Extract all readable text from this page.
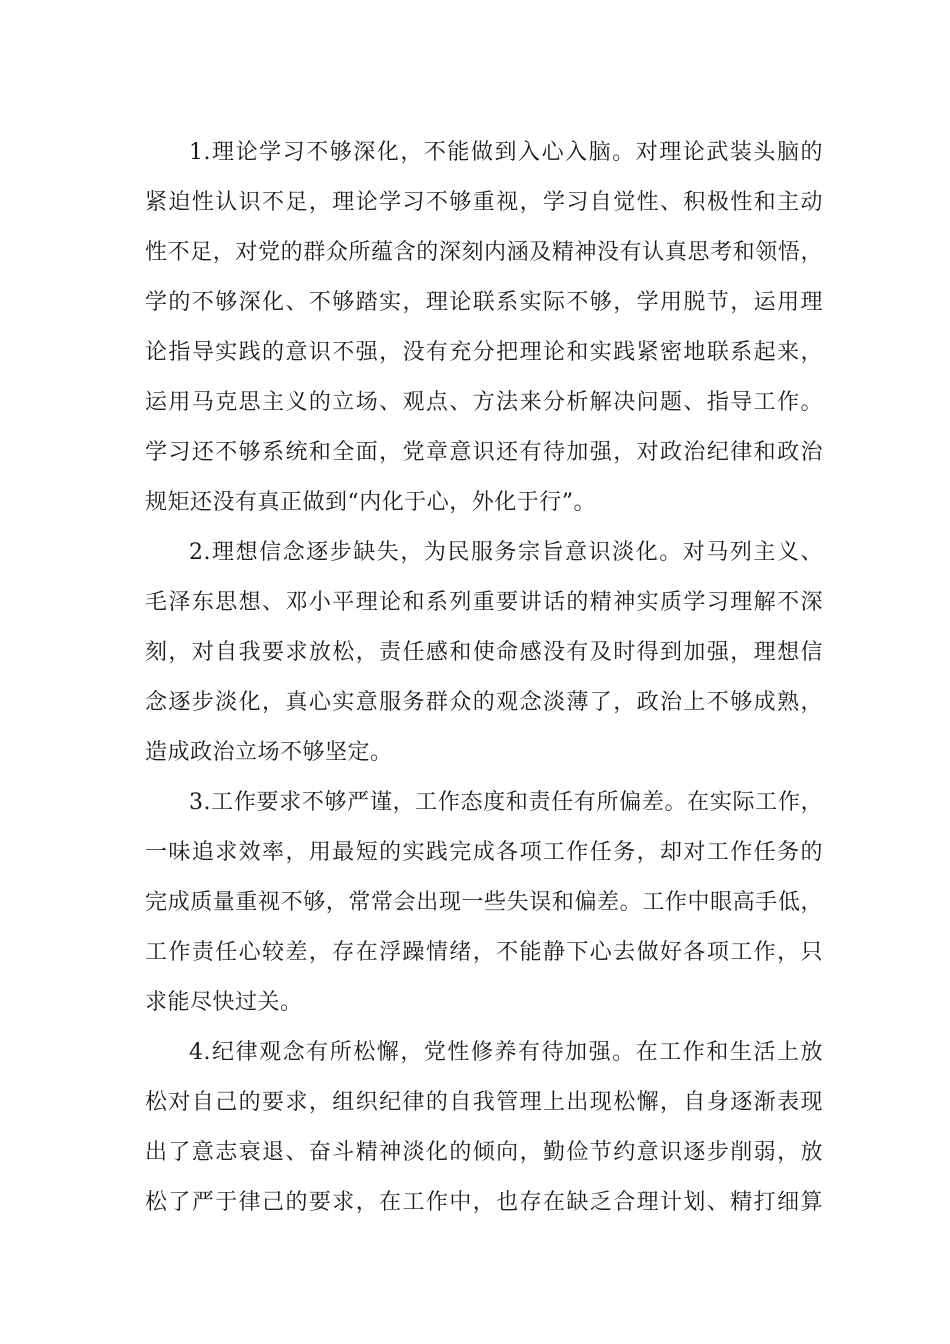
1.理论学习不够深化，不能做到入心入脑。对理论武装头脑的
紧迫性认识不足，理论学习不够重视，学习自觉性、积极性和主动
性不足，对党的群众所蕴含的深刻内涵及精神没有认真思考和领悟，
学的不够深化、不够踏实，理论联系实际不够，学用脱节，运用理
论指导实践的意识不强，没有充分把理论和实践紧密地联系起来，
运用马克思主义的立场、观点、方法来分析解决问题、指导工作。
学习还不够系统和全面，党章意识还有待加强，对政治纪律和政治
规矩还没有真正做到“内化于心，外化于行”。
2.理想信念逐步缺失，为民服务宗旨意识淡化。对马列主义、
毛泽东思想、邓小平理论和系列重要讲话的精神实质学习理解不深
刻，对自我要求放松，责任感和使命感没有及时得到加强，理想信
念逐步淡化，真心实意服务群众的观念淡薄了，政治上不够成熟，
造成政治立场不够坚定。
3.工作要求不够严谨，工作态度和责任有所偏差。在实际工作，
一味追求效率，用最短的实践完成各项工作任务，却对工作任务的
完成质量重视不够，常常会出现一些失误和偏差。工作中眼高手低，
工作责任心较差，存在浮躁情绪，不能静下心去做好各项工作，只
求能尽快过关。
4.纪律观念有所松懈，党性修养有待加强。在工作和生活上放
松对自己的要求，组织纪律的自我管理上出现松懈，自身逐渐表现
出了意志衰退、奋斗精神淡化的倾向，勤俭节约意识逐步削弱，放
松了严于律己的要求，在工作中，也存在缺乏合理计划、精打细算
